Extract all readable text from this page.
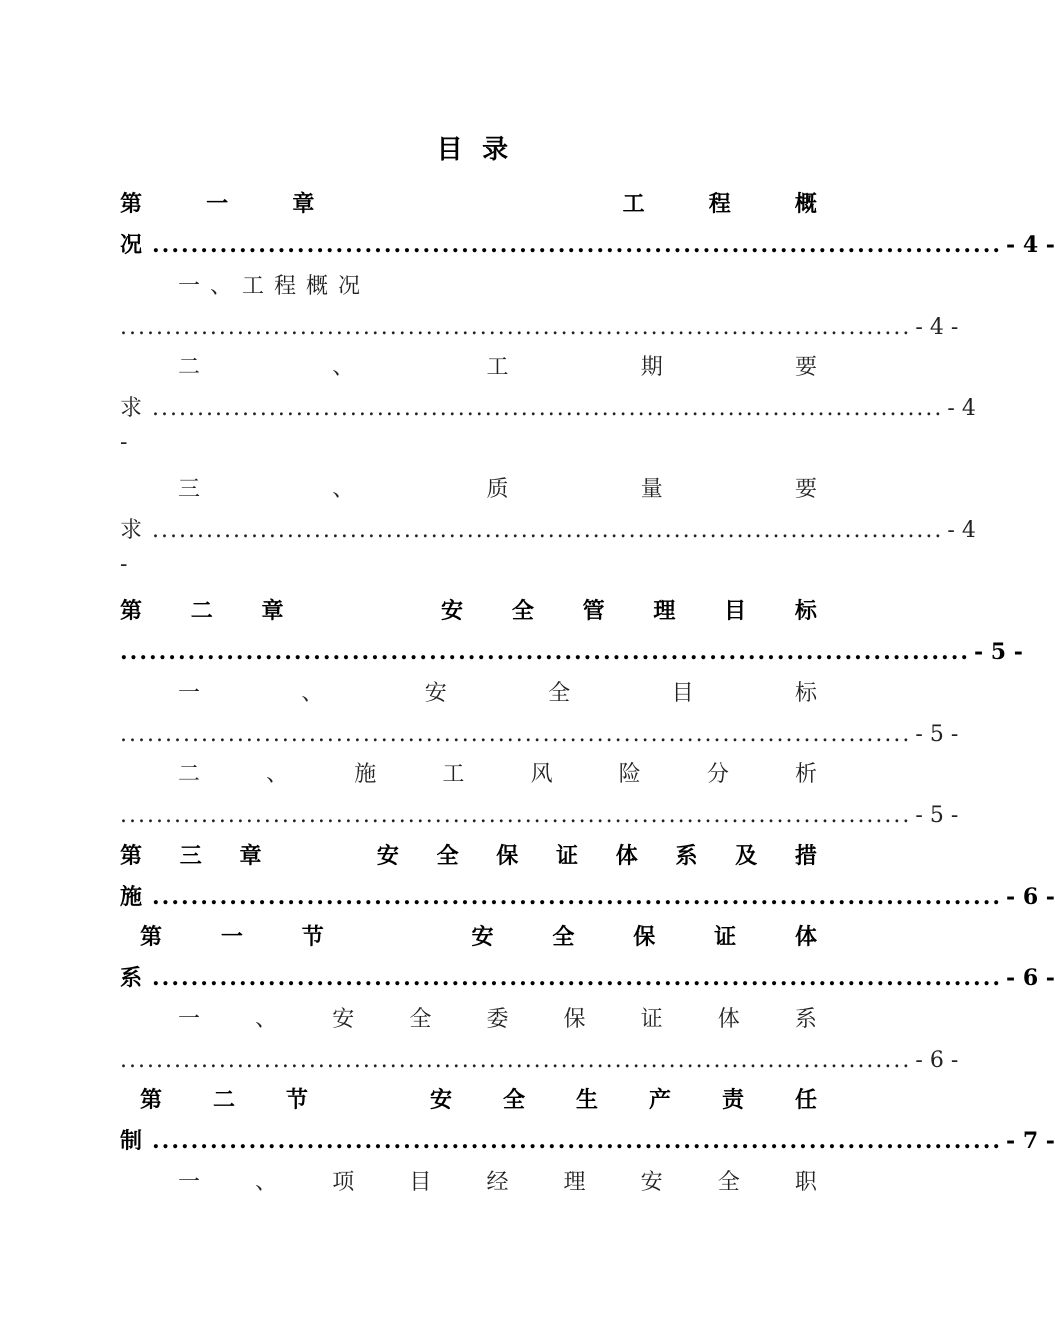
目 录
第	一	章	工	程	概
况 ........................................................................................ - 4 -
一、工程概况
........................................................................................ - 4 -
二	、	工	期	要
求 ........................................................................................ - 4
-
三	、	质	量	要
求 ........................................................................................ - 4
-
第 二 章	安 全 管 理 目 标
........................................................................................ - 5 -
一	、	安	全	目	标
........................................................................................ - 5 -
二	、	施	工	风	险	分	析
........................................................................................ - 5 -
第 三 章	安 全 保 证 体 系 及 措
施 ........................................................................................ - 6 -
第	一	节	安	全	保	证	体
系 ........................................................................................ - 6 -
一	、	安	全	委	保	证	体	系
........................................................................................ - 6 -
第 二 节	安 全 生 产 责 任
制 ........................................................................................ - 7 -
一	、	项	目	经	理	安	全	职
